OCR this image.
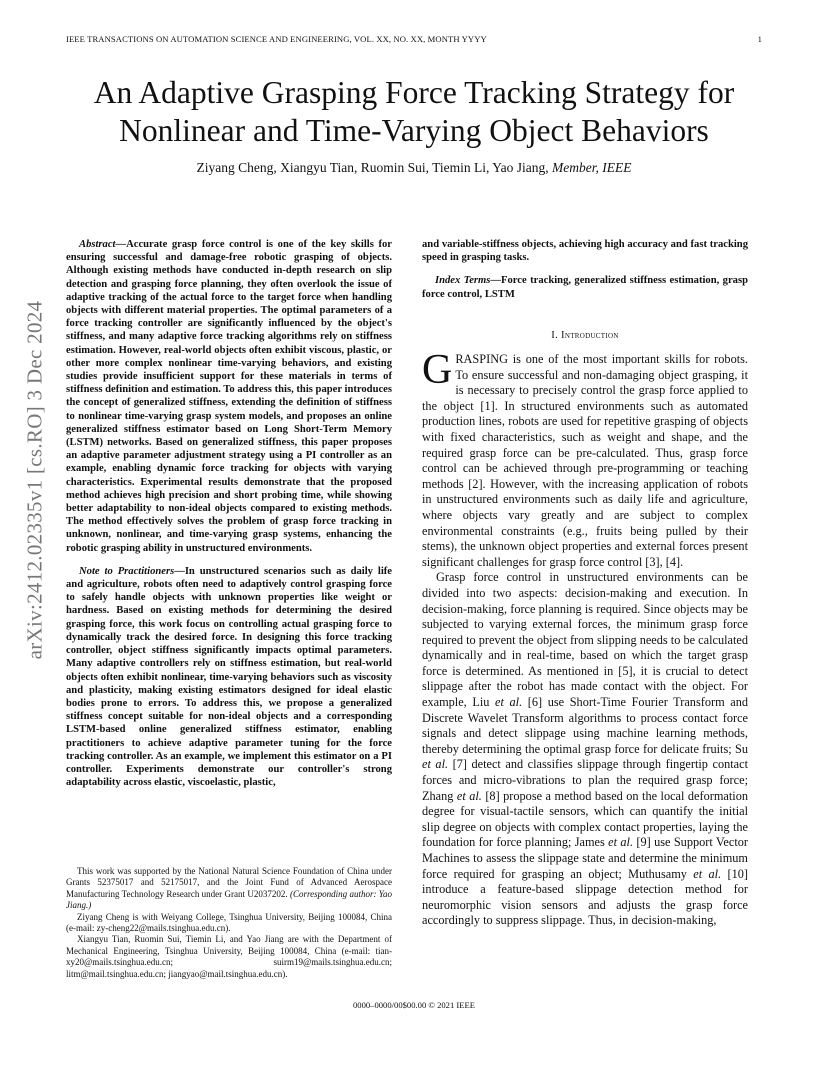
IEEE TRANSACTIONS ON AUTOMATION SCIENCE AND ENGINEERING, VOL. XX, NO. XX, MONTH YYYY	1
An Adaptive Grasping Force Tracking Strategy for
Nonlinear and Time-Varying Object Behaviors
Ziyang Cheng, Xiangyu Tian, Ruomin Sui, Tiemin Li, Yao Jiang, Member, IEEE
arXiv:2412.02335v1 [cs.RO] 3 Dec 2024

Abstract—Accurate grasp force control is one of the key skills for ensuring successful and damage-free robotic grasping of objects. Although existing methods have conducted in-depth research on slip detection and grasping force planning, they often overlook the issue of adaptive tracking of the actual force to the target force when handling objects with different material properties. The optimal parameters of a force tracking controller are significantly influenced by the object's stiffness, and many adaptive force tracking algorithms rely on stiffness estimation. However, real-world objects often exhibit viscous, plastic, or other more complex nonlinear time-varying behaviors, and existing studies provide insufficient support for these materials in terms of stiffness definition and estimation. To address this, this paper introduces the concept of generalized stiffness, extending the definition of stiffness to nonlinear time-varying grasp system models, and proposes an online generalized stiffness estimator based on Long Short-Term Memory (LSTM) networks. Based on generalized stiffness, this paper proposes an adaptive parameter adjustment strategy using a PI controller as an example, enabling dynamic force tracking for objects with varying characteristics. Experimental results demonstrate that the proposed method achieves high precision and short probing time, while showing better adaptability to non-ideal objects compared to existing methods. The method effectively solves the problem of grasp force tracking in unknown, nonlinear, and time-varying grasp systems, enhancing the robotic grasping ability in unstructured environments.

Note to Practitioners—In unstructured scenarios such as daily life and agriculture, robots often need to adaptively control grasping force to safely handle objects with unknown properties like weight or hardness. Based on existing methods for determining the desired grasping force, this work focus on controlling actual grasping force to dynamically track the desired force. In designing this force tracking controller, object stiffness significantly impacts optimal parameters. Many adaptive controllers rely on stiffness estimation, but real-world objects often exhibit nonlinear, time-varying behaviors such as viscosity and plasticity, making existing estimators designed for ideal elastic bodies prone to errors. To address this, we propose a generalized stiffness concept suitable for non-ideal objects and a corresponding LSTM-based online generalized stiffness estimator, enabling practitioners to achieve adaptive parameter tuning for the force tracking controller. As an example, we implement this estimator on a PI controller. Experiments demonstrate our controller's strong adaptability across elastic, viscoelastic, plastic,

and variable-stiffness objects, achieving high accuracy and fast tracking speed in grasping tasks.

Index Terms—Force tracking, generalized stiffness estimation, grasp force control, LSTM

I. Introduction

GRASPING is one of the most important skills for robots. To ensure successful and non-damaging object grasping, it is necessary to precisely control the grasp force applied to the object [1]. In structured environments such as automated production lines, robots are used for repetitive grasping of objects with fixed characteristics, such as weight and shape, and the required grasp force can be pre-calculated. Thus, grasp force control can be achieved through pre-programming or teaching methods [2]. However, with the increasing application of robots in unstructured environments such as daily life and agriculture, where objects vary greatly and are subject to complex environmental constraints (e.g., fruits being pulled by their stems), the unknown object properties and external forces present significant challenges for grasp force control [3], [4].

Grasp force control in unstructured environments can be divided into two aspects: decision-making and execution. In decision-making, force planning is required. Since objects may be subjected to varying external forces, the minimum grasp force required to prevent the object from slipping needs to be calculated dynamically and in real-time, based on which the target grasp force is determined. As mentioned in [5], it is crucial to detect slippage after the robot has made contact with the object. For example, Liu et al. [6] use Short-Time Fourier Transform and Discrete Wavelet Transform algorithms to process contact force signals and detect slippage using machine learning methods, thereby determining the optimal grasp force for delicate fruits; Su et al. [7] detect and classifies slippage through fingertip contact forces and micro-vibrations to plan the required grasp force; Zhang et al. [8] propose a method based on the local deformation degree for visual-tactile sensors, which can quantify the initial slip degree on objects with complex contact properties, laying the foundation for force planning; James et al. [9] use Support Vector Machines to assess the slippage state and determine the minimum force required for grasping an object; Muthusamy et al. [10] introduce a feature-based slippage detection method for neuromorphic vision sensors and adjusts the grasp force accordingly to suppress slippage. Thus, in decision-making,

This work was supported by the National Natural Science Foundation of China under Grants 52375017 and 52175017, and the Joint Fund of Advanced Aerospace Manufacturing Technology Research under Grant U2037202. (Corresponding author: Yao Jiang.)

Ziyang Cheng is with Weiyang College, Tsinghua University, Beijing 100084, China (e-mail: zy-cheng22@mails.tsinghua.edu.cn).

Xiangyu Tian, Ruomin Sui, Tiemin Li, and Yao Jiang are with the Department of Mechanical Engineering, Tsinghua University, Beijing 100084, China (e-mail: tian-xy20@mails.tsinghua.edu.cn; suirm19@mails.tsinghua.edu.cn; litm@mail.tsinghua.edu.cn; jiangyao@mail.tsinghua.edu.cn).

0000–0000/00$00.00 © 2021 IEEE
